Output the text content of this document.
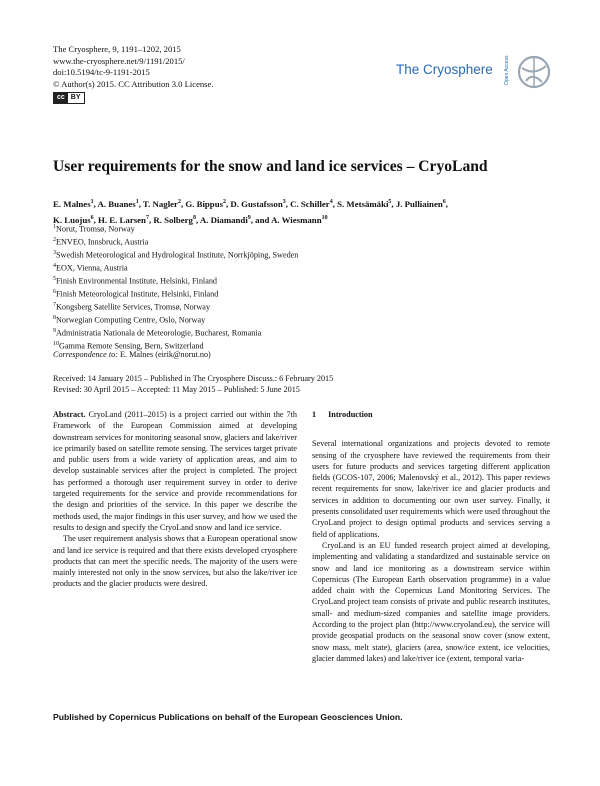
The Cryosphere, 9, 1191–1202, 2015
www.the-cryosphere.net/9/1191/2015/
doi:10.5194/tc-9-1191-2015
© Author(s) 2015. CC Attribution 3.0 License.
cc BY
The Cryosphere Open Access
User requirements for the snow and land ice services – CryoLand
E. Malnes$^1$, A. Buanes$^1$, T. Nagler$^2$, G. Bippus$^2$, D. Gustafsson$^3$, C. Schiller$^4$, S. Metsämäki$^5$, J. Pulliainen$^6$,
K. Luojus$^6$, H. E. Larsen$^7$, R. Solberg$^8$, A. Diamandi$^9$, and A. Wiesmann$^{10}$
$^1$Norut, Tromsø, Norway
$^2$ENVEO, Innsbruck, Austria
$^3$Swedish Meteorological and Hydrological Institute, Norrkjöping, Sweden
$^4$EOX, Vienna, Austria
$^5$Finish Environmental Institute, Helsinki, Finland
$^6$Finish Meteorological Institute, Helsinki, Finland
$^7$Kongsberg Satellite Services, Tromsø, Norway
$^8$Norwegian Computing Centre, Oslo, Norway
$^9$Administratia Nationala de Meteorologie, Bucharest, Romania
$^{10}$Gamma Remote Sensing, Bern, Switzerland
Correspondence to: E. Malnes (eirik@norut.no)
Received: 14 January 2015 – Published in The Cryosphere Discuss.: 6 February 2015
Revised: 30 April 2015 – Accepted: 11 May 2015 – Published: 5 June 2015

Abstract. CryoLand (2011–2015) is a project carried out within the 7th Framework of the European Commission aimed at developing downstream services for monitoring seasonal snow, glaciers and lake/river ice primarily based on satellite remote sensing. The services target private and public users from a wide variety of application areas, and aim to develop sustainable services after the project is completed. The project has performed a thorough user requirement survey in order to derive targeted requirements for the service and provide recommendations for the design and priorities of the service. In this paper we describe the methods used, the major findings in this user survey, and how we used the results to design and specify the CryoLand snow and land ice service.

The user requirement analysis shows that a European operational snow and land ice service is required and that there exists developed cryosphere products that can meet the specific needs. The majority of the users were mainly interested not only in the snow services, but also the lake/river ice products and the glacier products were desired.

1 Introduction

Several international organizations and projects devoted to remote sensing of the cryosphere have reviewed the requirements from their users for future products and services targeting different application fields (GCOS-107, 2006; Malenovský et al., 2012). This paper reviews recent requirements for snow, lake/river ice and glacier products and services in addition to documenting our own user survey. Finally, it presents consolidated user requirements which were used throughout the CryoLand project to design optimal products and services serving a field of applications.

CryoLand is an EU funded research project aimed at developing, implementing and validating a standardized and sustainable service on snow and land ice monitoring as a downstream service within Copernicus (The European Earth observation programme) in a value added chain with the Copernicus Land Monitoring Services. The CryoLand project team consists of private and public research institutes, small- and medium-sized companies and satellite image providers. According to the project plan (http://www.cryoland.eu), the service will provide geospatial products on the seasonal snow cover (snow extent, snow mass, melt state), glaciers (area, snow/ice extent, ice velocities, glacier dammed lakes) and lake/river ice (extent, temporal varia-

Published by Copernicus Publications on behalf of the European Geosciences Union.
